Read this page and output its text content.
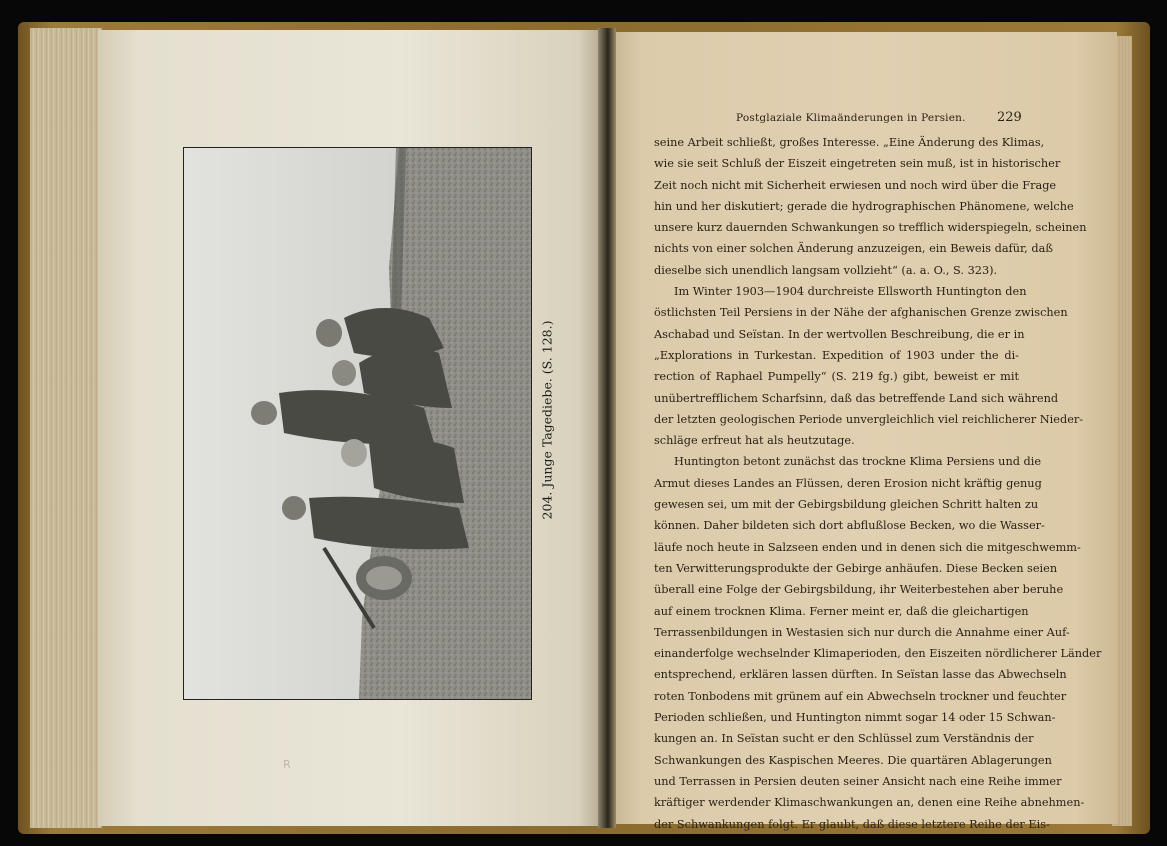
204. Junge Tagediebe. (S. 128.)
R
Postglaziale Klimaänderungen in Persien. 229
seine Arbeit schließt, großes Interesse. „Eine Änderung des Klimas,
wie sie seit Schluß der Eiszeit eingetreten sein muß, ist in historischer
Zeit noch nicht mit Sicherheit erwiesen und noch wird über die Frage
hin und her diskutiert; gerade die hydrographischen Phänomene, welche
unsere kurz dauernden Schwankungen so trefflich widerspiegeln, scheinen
nichts von einer solchen Änderung anzuzeigen, ein Beweis dafür, daß
dieselbe sich unendlich langsam vollzieht“ (a. a. O., S. 323).
Im Winter 1903—1904 durchreiste Ellsworth Huntington den
östlichsten Teil Persiens in der Nähe der afghanischen Grenze zwischen
Aschabad und Seïstan. In der wertvollen Beschreibung, die er in
„Explorations in Turkestan. Expedition of 1903 under the di-
rection of Raphael Pumpelly“ (S. 219 fg.) gibt, beweist er mit
unübertrefflichem Scharfsinn, daß das betreffende Land sich während
der letzten geologischen Periode unvergleichlich viel reichlicherer Nieder-
schläge erfreut hat als heutzutage.
Huntington betont zunächst das trockne Klima Persiens und die
Armut dieses Landes an Flüssen, deren Erosion nicht kräftig genug
gewesen sei, um mit der Gebirgsbildung gleichen Schritt halten zu
können. Daher bildeten sich dort abflußlose Becken, wo die Wasser-
läufe noch heute in Salzseen enden und in denen sich die mitgeschwemm-
ten Verwitterungsprodukte der Gebirge anhäufen. Diese Becken seien
überall eine Folge der Gebirgsbildung, ihr Weiterbestehen aber beruhe
auf einem trocknen Klima. Ferner meint er, daß die gleichartigen
Terrassenbildungen in Westasien sich nur durch die Annahme einer Auf-
einanderfolge wechselnder Klimaperioden, den Eiszeiten nördlicherer Länder
entsprechend, erklären lassen dürften. In Seïstan lasse das Abwechseln
roten Tonbodens mit grünem auf ein Abwechseln trockner und feuchter
Perioden schließen, und Huntington nimmt sogar 14 oder 15 Schwan-
kungen an. In Seïstan sucht er den Schlüssel zum Verständnis der
Schwankungen des Kaspischen Meeres. Die quartären Ablagerungen
und Terrassen in Persien deuten seiner Ansicht nach eine Reihe immer
kräftiger werdender Klimaschwankungen an, denen eine Reihe abnehmen-
der Schwankungen folgt. Er glaubt, daß diese letztere Reihe der Eis-
